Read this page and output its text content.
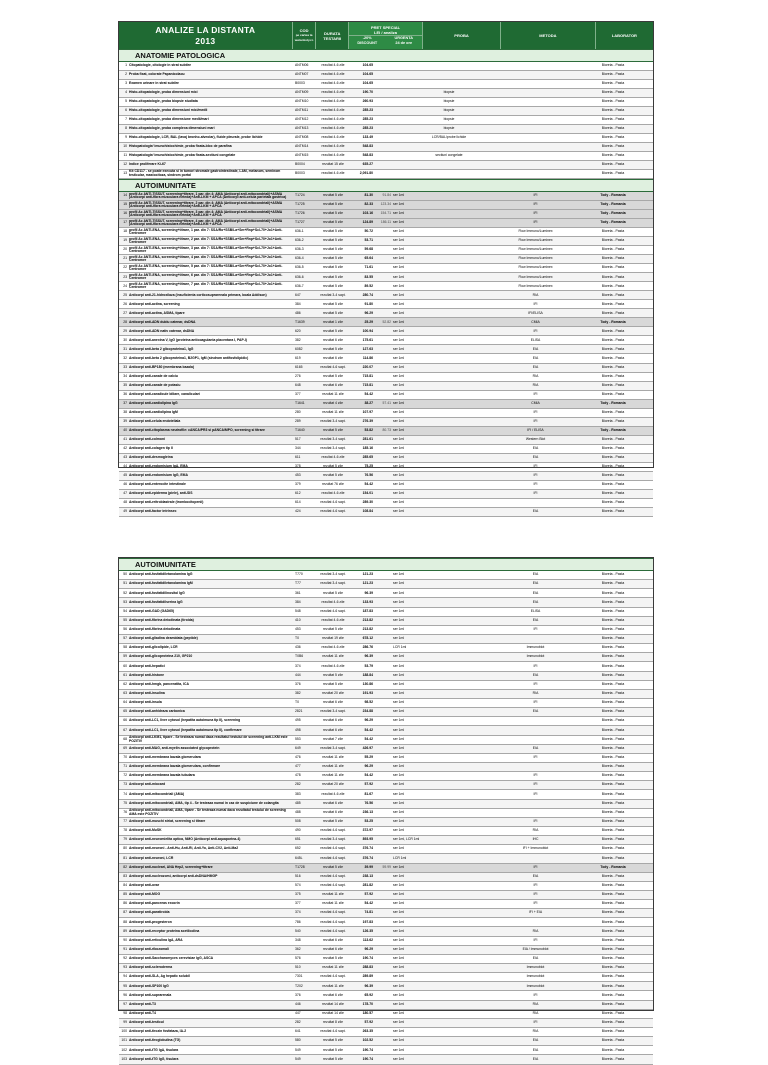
ANALIZE LA DISTANTA
2013
COD
pe cartea ta www.bioty.ro
DURATA
TESTARII
PRET SPECIAL
LEI / analiza
-20%
DISCOUNT
URGENTA
24 de ore
PROBA	METODA	LABORATOR
ANATOMIE PATOLOGICA
1 Citopatologie, citologie in strat subtire	ANTM06	rezultat 4-6 zile	104.65	Bioreta - Pasta
2 Proba fixat, colorate Papanicolaou	ANTM07	rezultat 4-6 zile	104.65	Bioreta - Pasta
3 Examen urinare in strat subtire	B0003	rezultat 4-6 zile	104.65	Bioreta - Pasta
4 Histo-citopatologie, proba dimensiuni mici	ANTM09	rezultat 4-6 zile	190.70	biopsie	Bioreta - Pasta
5 Histo-citopatologie, proba biopsie studiata	ANTM10	rezultat 4-6 zile	260.93	biopsie	Bioreta - Pasta
6 Histo-citopatologie, proba dimensiuni mici/medii	ANTM11	rezultat 4-6 zile	285.23	biopsie	Bioreta - Pasta
7 Histo-citopatologie, proba dimensiune medii/mari	ANTM12	rezultat 4-6 zile	285.23	biopsie	Bioreta - Pasta
8 Histo-citopatologie, proba complexa dimensiuni mari	ANTM13	rezultat 4-6 zile	285.23	biopsie	Bioreta - Pasta
9 Histo-citopatologie, LCR, BAL (lavaj bronho-alveolar), fluide pleurale, probe lichide	ANTM08	rezultat 4-6 zile	133.49	LCR/BAL/probe lichide	Bioreta - Pasta
10 Histopatologie/ imunohistochimie, proba fixata-bloc de parafina	ANTM14	rezultat 4-6 zile	548.83	Bioreta - Pasta
11 Histopatologie/ imunohistochimie, proba fixata-sectiuni congelate	ANTM15	rezultat 4-6 zile	548.83	sectiuni congelate	Bioreta - Pasta
12 Indice proliferare Ki-67	B0004	rezultat 15 zile	635.27	Bioreta - Pasta
13 Kit CD117 - se poate executa si in tumori stromale gastrointestinale, LAM, melanom, seminom testicular, mastocitoza, sindrom portal	B0003	rezultat 4-6 zile	2,091.80	Bioreta - Pasta
AUTOIMUNITATE
14 profil Ac ANTI-TISSUT, screening+titrare, 1 par. din 4: AMA (Anticorpi anti-mitocondriali)+ASMA (Anticorpi anti-fibra musculara neteda)+Anti-LKM + APCA (Anticorpi anti-celula parietala gastrica)	T1724	rezultat 5 zile	81.30	91.84 ser 1ml	IFI	Tody - Romania
15 profil Ac ANTI-TISSUT, screening+titrare, 2 par. din 4: AMA (Anticorpi anti-mitocondriali)+ASMA (Anticorpi anti-fibra musculara neteda)+Anti-LKM + APCA	T1725	rezultat 5 zile	82.33	123.34 ser 1ml	IFI	Tody - Romania
16 profil Ac ANTI-TISSUT, screening+titrare, 3 par. din 4: AMA (Anticorpi anti-mitocondriali)+ASMA (Anticorpi anti-fibra musculara neteda)+Anti-LKM + APCA	T1726	rezultat 5 zile	103.16	154.71 ser 1ml	IFI	Tody - Romania
17 profil Ac ANTI-TISSUT, screening+titrare, 4 par. din 4: AMA (Anticorpi anti-mitocondriali)+ASMA (Anticorpi anti-fibra musculara neteda)+Anti-LKM + APCA	T1727	rezultat 5 zile	124.89	186.11 ser 1ml	IFI	Tody - Romania
18 profil Ac ANTI-ENA, screening+titrare, 1 par. din 7: SSA/Ro+SSB/La+Sm+Rnp+Scl-70+Jo1+Anti-Centromer	636-1	rezultat 5 zile	50.72	ser 1ml	Flow Immuno/Luminex	Bioreta - Pasta
19 profil Ac ANTI-ENA, screening+titrare, 2 par. din 7: SSA/Ro+SSB/La+Sm+Rnp+Scl-70+Jo1+Anti-Centromer	636-2	rezultat 5 zile	53.71	ser 1ml	Flow Immuno/Luminex	Bioreta - Pasta
20 profil Ac ANTI-ENA, screening+titrare, 3 par. din 7: SSA/Ro+SSB/La+Sm+Rnp+Scl-70+Jo1+Anti-Centromer	636-3	rezultat 5 zile	59.68	ser 1ml	Flow Immuno/Luminex	Bioreta - Pasta
21 profil Ac ANTI-ENA, screening+titrare, 4 par. din 7: SSA/Ro+SSB/La+Sm+Rnp+Scl-70+Jo1+Anti-Centromer	636-4	rezultat 5 zile	65.64	ser 1ml	Flow Immuno/Luminex	Bioreta - Pasta
22 profil Ac ANTI-ENA, screening+titrare, 5 par. din 7: SSA/Ro+SSB/La+Sm+Rnp+Scl-70+Jo1+Anti-Centromer	636-5	rezultat 5 zile	71.61	ser 1ml	Flow Immuno/Luminex	Bioreta - Pasta
23 profil Ac ANTI-ENA, screening+titrare, 6 par. din 7: SSA/Ro+SSB/La+Sm+Rnp+Scl-70+Jo1+Anti-Centromer	636-6	rezultat 5 zile	83.55	ser 1ml	Flow Immuno/Luminex	Bioreta - Pasta
24 profil Ac ANTI-ENA, screening+titrare, 7 par. din 7: SSA/Ro+SSB/La+Sm+Rnp+Scl-70+Jo1+Anti-Centromer	636-7	rezultat 5 zile	89.52	ser 1ml	Flow Immuno/Luminex	Bioreta - Pasta
25 Anticorpi anti-21-hidroxilaza (insuficienta corticosuprarenala primara, boala Addison)	647	rezultat 3-4 sapt.	280.74	ser 1ml	RIA	Bioreta - Pasta
26 Anticorpi anti-actina, screening	384	rezultat 5 zile	91.80	ser 1ml	IFI	Bioreta - Pasta
27 Anticorpi anti-actina, ASMA, tipare	486	rezultat 5 zile	96.29	ser 1ml	IFI/ELISA	Bioreta - Pasta
28 Anticorpi anti-ADN dublu catenar, dsDNA	T1639	rezultat 1 zile	25.29	52.82 ser 1ml	CMIA	Tody - Romania
29 Anticorpi anti-ADN nativ catenar, dsDNA	620	rezultat 5 zile	100.94	ser 1ml	IFI	Bioreta - Pasta
30 Anticorpi anti-anexina V, IgG (proteina anticoagulanta placentara I, PAP-I)	382	rezultat 6 zile	175.61	ser 1ml	ELISA	Bioreta - Pasta
31 Anticorpi anti-beta 2 glicoproteina1, IgG	6082	rezultat 5 zile	127.63	ser 1ml	EIA	Bioreta - Pasta
32 Anticorpi anti-beta 2 glicoproteina1, B2GP1, IgM (sindrom antifosfolipidic)	619	rezultat 6 zile	114.86	ser 1ml	EIA	Bioreta - Pasta
33 Anticorpi anti-BP180 (membrana bazala)	6165	rezultat 4-6 sapt.	220.07	ser 1ml	EIA	Bioreta - Pasta
34 Anticorpi anti-canale de calciu	276	rezultat 5 zile	715.81	ser 1ml	RIA	Bioreta - Pasta
35 Anticorpi anti-canale de potasiu	648	rezultat 6 zile	715.81	ser 1ml	RIA	Bioreta - Pasta
36 Anticorpi anti-canalicule biliare, canaliculari	377	rezultat 11 zile	54.42	ser 1ml	IFI	Bioreta - Pasta
37 Anticorpi anti-cardiolipina IgG	T1641	rezultat 4 zile	38.27	57.41 ser 1ml	CMIA	Tody - Romania
38 Anticorpi anti-cardiolipina IgM	280	rezultat 11 zile	107.97	ser 1ml	IFI	Bioreta - Pasta
39 Anticorpi anti-celula endoteliala	289	rezultat 3-4 sapt.	276.39	ser 1ml	IFI	Bioreta - Pasta
40 Anticorpi anti-citoplasma neutrofile: cANCA/PR3 si pANCA/MPO, screening si titrare	T1640	rezultat 5 zile	53.82	80.73 ser 1ml	IFI / ELISA	Tody - Romania
41 Anticorpi anti-colmoni	517	rezultat 3-4 sapt.	281.61	ser 1ml	Western Blot	Bioreta - Pasta
42 Anticorpi anti-colagen tip II	344	rezultat 3-4 sapt.	185.16	ser 1ml	EIA	Bioreta - Pasta
43 Anticorpi anti-desmogleina	611	rezultat 4-6 zile	285.65	ser 1ml	EIA	Bioreta - Pasta
44 Anticorpi anti-endomisium IgA, EMA	378	rezultat 5 zile	75.25	ser 1ml	IFI	Bioreta - Pasta
45 Anticorpi anti-endomisium IgG, EMA	453	rezultat 5 zile	76.56	ser 1ml	IFI	Bioreta - Pasta
46 Anticorpi anti-enterocite intestinale	379	rezultat 76 zile	54.42	ser 1ml	IFI	Bioreta - Pasta
47 Anticorpi anti-epiderma (piele), anti-SIS	612	rezultat 4-6 zile	154.01	ser 1ml	IFI	Bioreta - Pasta
48 Anticorpi anti-eritroblastrale (trombocitopenii)	614	rezultat 4-6 sapt.	289.30	ser 1ml	Bioreta - Pasta
49 Anticorpi anti-factor intrinsec	424	rezultat 4-6 sapt.	108.84	ser 1ml	EIA	Bioreta - Pasta
AUTOIMUNITATE
50 Anticorpi anti-fosfatidiletanolamina IgG	T770	rezultat 3-4 sapt.	121.23	ser 1ml	EIA	Bioreta - Pasta
51 Anticorpi anti-fosfatidiletanolamina IgM	T77	rezultat 3-4 sapt.	121.23	ser 1ml	EIA	Bioreta - Pasta
52 Anticorpi anti-fosfatidilinositol IgG	361	rezultat 5 zile	96.39	ser 1ml	EIA	Bioreta - Pasta
53 Anticorpi anti-fosfatidilserina IgG	384	rezultat 4-6 zile	133.93	ser 1ml	EIA	Bioreta - Pasta
54 Anticorpi anti-GAD (GAD65)	548	rezultat 4-6 sapt.	187.83	ser 1ml	ELISA	Bioreta - Pasta
55 Anticorpi anti-fibrina deiodinata (tiroida)	410	rezultat 4-6 zile	213.82	ser 1ml	EIA	Bioreta - Pasta
56 Anticorpi anti-fibrina deiodinata	453	rezultat 5 zile	213.82	ser 1ml	IFI	Bioreta - Pasta
57 Anticorpi anti-gliadina deamidata (peptide)	T0	rezultat 19 zile	678.12	ser 1ml	Bioreta - Pasta
58 Anticorpi anti-glicolipide, LCR	436	rezultat 4-6 zile	286.76	LCR 1ml	Immunoblot	Bioreta - Pasta
59 Anticorpi anti-glicoproteina 210, GP210	T0B6	rezultat 11 zile	96.39	ser 1ml	Immunoblot	Bioreta - Pasta
60 Anticorpi anti-hepatici	374	rezultat 4-6 zile	53.79	ser 1ml	IFI	Bioreta - Pasta
61 Anticorpi anti-histone	444	rezultat 5 zile	188.84	ser 1ml	EIA	Bioreta - Pasta
62 Anticorpi anti-hmgb, pancreatita, ICA	376	rezultat 5 zile	130.86	ser 1ml	IFI	Bioreta - Pasta
63 Anticorpi anti-insulina	382	rezultat 20 zile	191.93	ser 1ml	RIA	Bioreta - Pasta
64 Anticorpi anti-insula	T0	rezultat 6 zile	98.52	ser 1ml	IFI	Bioreta - Pasta
65 Anticorpi anti-anhidraza carbonica	2821	rezultat 3-4 sapt.	234.88	ser 1ml	EIA	Bioreta - Pasta
66 Anticorpi anti-LC1, liver cytosol (hepatita autoimuna tip II), screening	495	rezultat 6 zile	96.29	ser 1ml	Bioreta - Pasta
67 Anticorpi anti-LC1, liver cytosol (hepatita autoimuna tip II), confirmare	498	rezultat 6 zile	54.42	ser 1ml	Bioreta - Pasta
68 Anticorpi anti-LKM1, tipare - Se testeaza numai daca rezultatul testului de screening anti-LKM este POZITIV	553	rezultat 7 zile	54.42	ser 1ml	Bioreta - Pasta
69 Anticorpi anti-MAG, anti-myelin associated glycoprotein	649	rezultat 3-4 sapt.	426.97	ser 1ml	EIA	Bioreta - Pasta
70 Anticorpi anti-membrana bazala glomerulara	476	rezultat 11 zile	55.29	ser 1ml	IFI	Bioreta - Pasta
71 Anticorpi anti-membrana bazala glomerulara, confirmare	477	rezultat 11 zile	96.29	ser 1ml	Bioreta - Pasta
72 Anticorpi anti-membrana bazala tubulara	478	rezultat 11 zile	54.42	ser 1ml	IFI	Bioreta - Pasta
73 Anticorpi anti-miocard	282	rezultat 20 zile	57.92	ser 1ml	IFI	Bioreta - Pasta
74 Anticorpi anti-mitocondriali (AMA)	383	rezultat 4-6 zile	81.67	ser 1ml	IFI	Bioreta - Pasta
75 Anticorpi anti-mitocondriali, AMA, tip 4 - Se testeaza numai in caz de suspiciune de colangita	485	rezultat 6 zile	76.56	ser 1ml	Bioreta - Pasta
76 Anticorpi anti-mitocondriali, AMA, tipare - Se testeaza numai daca rezultatul testului de screening AMA este POZITIV	488	rezultat 6 zile	236.13	ser 1ml	Bioreta - Pasta
77 Anticorpi anti-muschi striat, screening si titrare	508	rezultat 5 zile	53.25	ser 1ml	IFI	Bioreta - Pasta
78 Anticorpi anti-MuSK	490	rezultat 4-6 sapt.	372.97	ser 1ml	RIA	Bioreta - Pasta
79 Anticorpi anti-neuromielita optica, NMO (Anticorpi anti-aquaporina-4)	651	rezultat 3-4 sapt.	893.95	ser 1ml, LCR 1ml	IHC	Bioreta - Pasta
80 Anticorpi anti-neuroni - Anti-Hu, Anti-Ri, Anti-Yo, Anti-CV2, Anti-Ma2	652	rezultat 4-6 sapt.	376.74	ser 1ml	IFI + Immunoblot	Bioreta - Pasta
81 Anticorpi anti-neuroni, LCR	645L	rezultat 4-6 sapt.	376.74	LCR 1ml	Bioreta - Pasta
82 Anticorpi anti-nucleari, ANA Hep2, screening+titrare	T1728	rezultat 5 zile	39.99	59.99 ser 1ml	IFI	Tody - Romania
83 Anticorpi anti-nucleozomi, anticorpi anti-dsDNA/HMGP	516	rezultat 4-6 sapt.	238.13	ser 1ml	EIA	Bioreta - Pasta
84 Anticorpi anti-ovar	574	rezultat 4-6 sapt.	281.82	ser 1ml	IFI	Bioreta - Pasta
85 Anticorpi anti-MOG	375	rezultat 11 zile	57.92	ser 1ml	IFI	Bioreta - Pasta
86 Anticorpi anti-pancreas exocrin	377	rezultat 11 zile	54.42	ser 1ml	IFI	Bioreta - Pasta
87 Anticorpi anti-paratiroida	374	rezultat 4-6 sapt.	74.81	ser 1ml	IFI + EIA	Bioreta - Pasta
88 Anticorpi anti-progesteron	786	rezultat 4-6 sapt.	197.83	ser 1ml	Bioreta - Pasta
89 Anticorpi anti-receptor proteina acetilcolina	540	rezultat 4-6 sapt.	126.35	ser 1ml	RIA	Bioreta - Pasta
90 Anticorpi anti-reticulina IgA, ARA	348	rezultat 6 zile	113.62	ser 1ml	IFI	Bioreta - Pasta
91 Anticorpi anti-ribozomali	362	rezultat 6 zile	96.29	ser 1ml	EIA / Immunoblot	Bioreta - Pasta
92 Anticorpi anti-Saccharomyces cerevisiae IgG, ASCA	576	rezultat 5 zile	190.74	ser 1ml	EIA	Bioreta - Pasta
93 Anticorpi anti-scleroderma	510	rezultat 11 zile	288.83	ser 1ml	Immunoblot	Bioreta - Pasta
94 Anticorpi anti-SLA, Ag hepatic solubil	7301	rezultat 4-6 sapt.	289.89	ser 1ml	Immunoblot	Bioreta - Pasta
95 Anticorpi anti-SP100 IgG	T202	rezultat 11 zile	96.39	ser 1ml	Immunoblot	Bioreta - Pasta
96 Anticorpi anti-suprarenala	376	rezultat 6 zile	65.92	ser 1ml	IFI	Bioreta - Pasta
97 Anticorpi anti-T3	446	rezultat 14 zile	178.70	ser 1ml	RIA	Bioreta - Pasta
98 Anticorpi anti-T4	447	rezultat 14 zile	180.57	ser 1ml	RIA	Bioreta - Pasta
99 Anticorpi anti-testicul	282	rezultat 8 zile	57.92	ser 1ml	IFI	Bioreta - Pasta
100 Anticorpi anti-tirozin fosfataza, IA-2	641	rezultat 4-6 sapt.	263.35	ser 1ml	RIA	Bioreta - Pasta
101 Anticorpi anti-tiroglobulina (TG)	580	rezultat 5 zile	102.52	ser 1ml	EIA	Bioreta - Pasta
102 Anticorpi anti-tTG IgA, tisulara	549	rezultat 5 zile	190.74	ser 1ml	EIA	Bioreta - Pasta
103 Anticorpi anti-tTG IgG, tisulara	549	rezultat 5 zile	190.74	ser 1ml	EIA	Bioreta - Pasta
